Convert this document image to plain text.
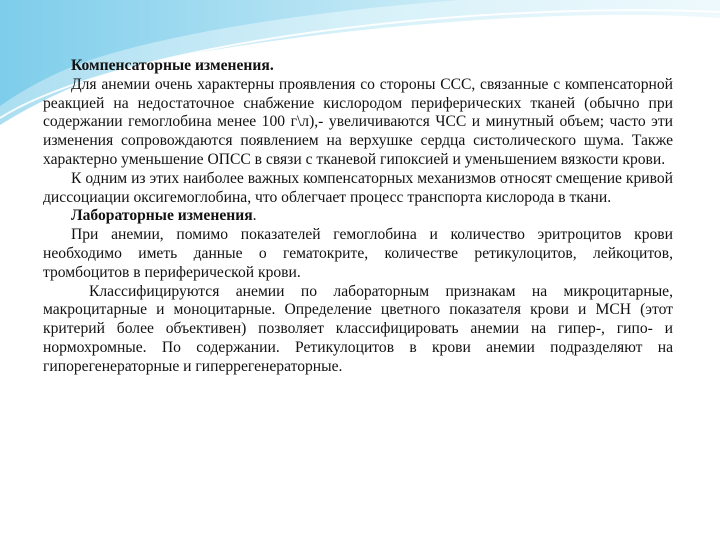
Компенсаторные изменения.

Для анемии очень характерны проявления со стороны ССС, связанные с компенсаторной реакцией на недостаточное снабжение кислородом периферических тканей (обычно при содержании гемоглобина менее 100 г\л),- увеличиваются ЧСС и минутный объем; часто эти изменения сопровождаются появлением на верхушке сердца систолического шума. Также характерно уменьшение ОПСС в связи с тканевой гипоксией и уменьшением вязкости крови.

К одним из этих наиболее важных компенсаторных механизмов относят смещение кривой диссоциации оксигемоглобина, что облегчает процесс транспорта кислорода в ткани.

Лабораторные изменения.

При анемии, помимо показателей гемоглобина и количество эритроцитов крови необходимо иметь данные о гематокрите, количестве ретикулоцитов, лейкоцитов, тромбоцитов в периферической крови.

Классифицируются анемии по лабораторным признакам на микроцитарные, макроцитарные и моноцитарные. Определение цветного показателя крови и МСН (этот критерий более объективен) позволяет классифицировать анемии на гипер-, гипо- и нормохромные. По содержании. Ретикулоцитов в крови анемии подразделяют на гипорегенераторные и гиперрегенераторные.
